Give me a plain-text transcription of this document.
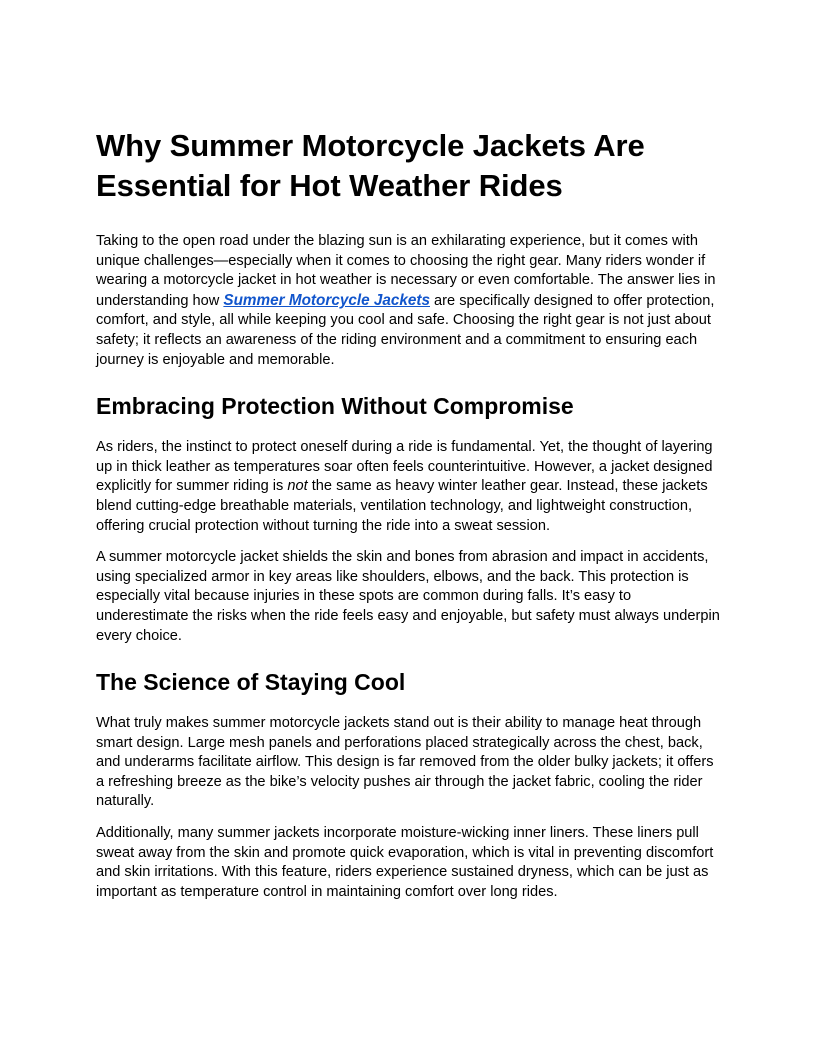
Why Summer Motorcycle Jackets Are Essential for Hot Weather Rides

Taking to the open road under the blazing sun is an exhilarating experience, but it comes with unique challenges—especially when it comes to choosing the right gear. Many riders wonder if wearing a motorcycle jacket in hot weather is necessary or even comfortable. The answer lies in understanding how Summer Motorcycle Jackets are specifically designed to offer protection, comfort, and style, all while keeping you cool and safe. Choosing the right gear is not just about safety; it reflects an awareness of the riding environment and a commitment to ensuring each journey is enjoyable and memorable.

Embracing Protection Without Compromise

As riders, the instinct to protect oneself during a ride is fundamental. Yet, the thought of layering up in thick leather as temperatures soar often feels counterintuitive. However, a jacket designed explicitly for summer riding is not the same as heavy winter leather gear. Instead, these jackets blend cutting-edge breathable materials, ventilation technology, and lightweight construction, offering crucial protection without turning the ride into a sweat session.

A summer motorcycle jacket shields the skin and bones from abrasion and impact in accidents, using specialized armor in key areas like shoulders, elbows, and the back. This protection is especially vital because injuries in these spots are common during falls. It’s easy to underestimate the risks when the ride feels easy and enjoyable, but safety must always underpin every choice.

The Science of Staying Cool

What truly makes summer motorcycle jackets stand out is their ability to manage heat through smart design. Large mesh panels and perforations placed strategically across the chest, back, and underarms facilitate airflow. This design is far removed from the older bulky jackets; it offers a refreshing breeze as the bike’s velocity pushes air through the jacket fabric, cooling the rider naturally.

Additionally, many summer jackets incorporate moisture-wicking inner liners. These liners pull sweat away from the skin and promote quick evaporation, which is vital in preventing discomfort and skin irritations. With this feature, riders experience sustained dryness, which can be just as important as temperature control in maintaining comfort over long rides.
